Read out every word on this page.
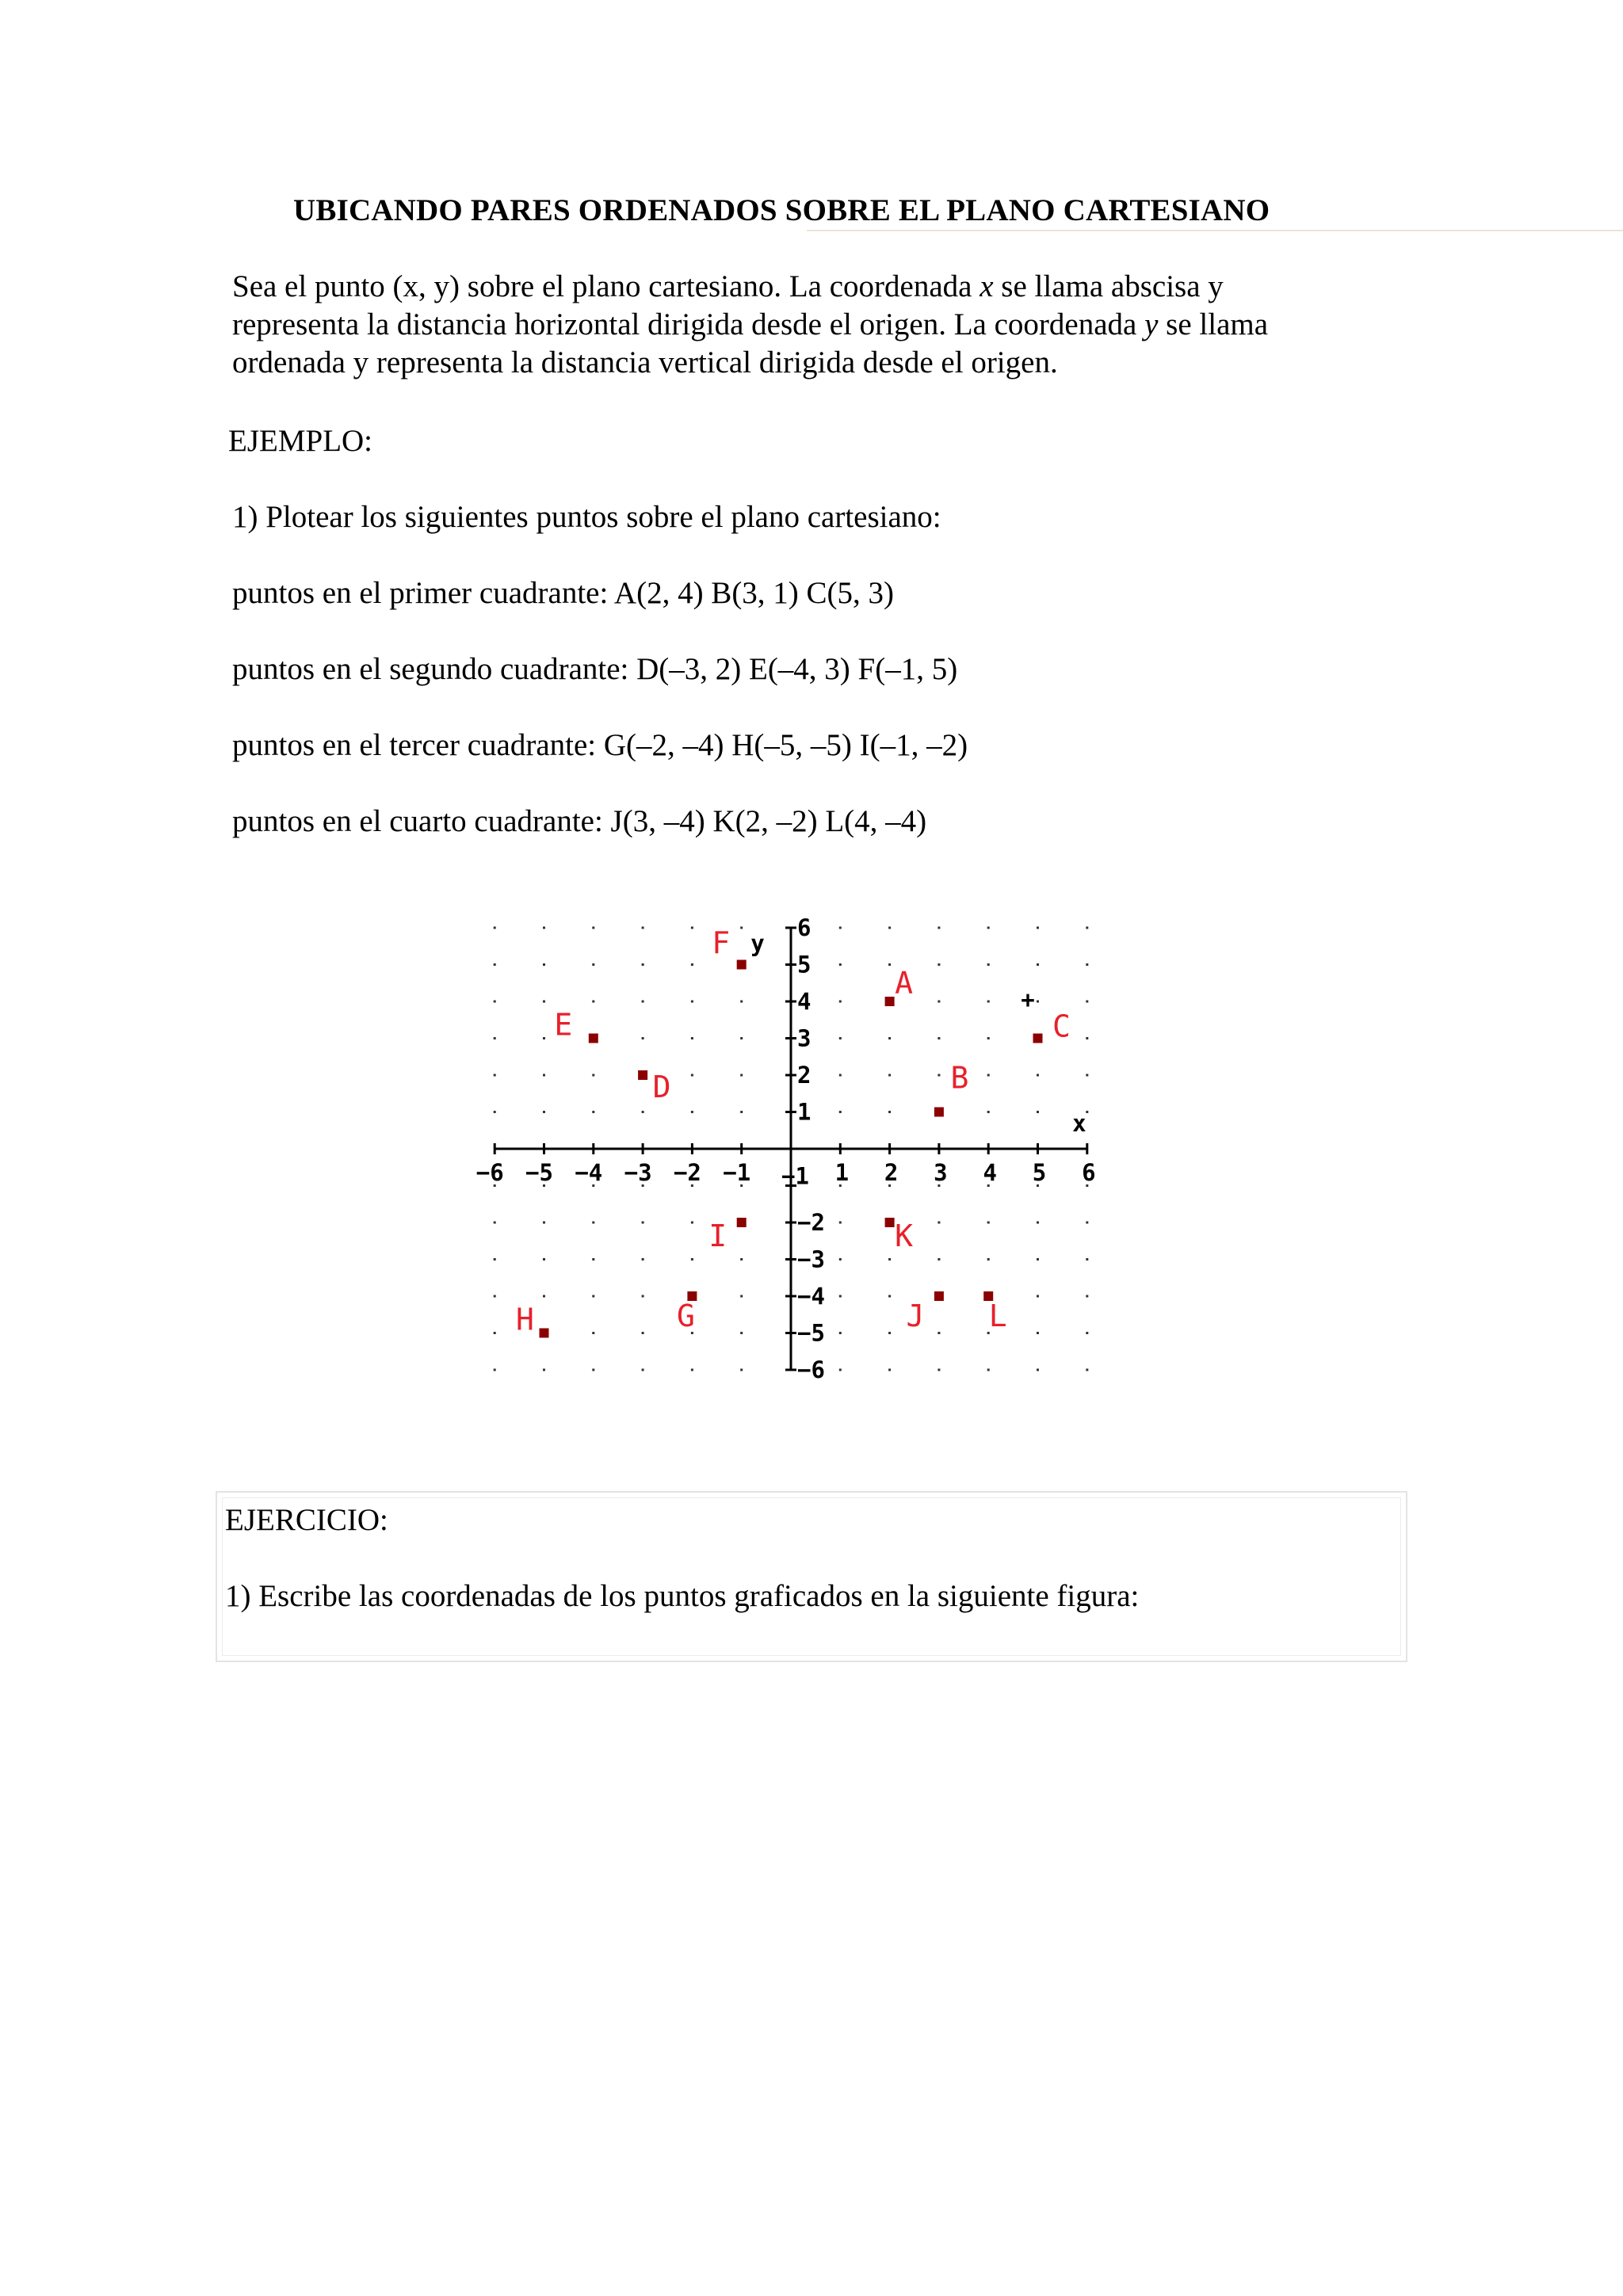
UBICANDO PARES ORDENADOS SOBRE EL PLANO CARTESIANO

Sea el punto (x, y) sobre el plano cartesiano. La coordenada x se llama abscisa y

representa la distancia horizontal dirigida desde el origen. La coordenada y se llama

ordenada y representa la distancia vertical dirigida desde el origen.

EJEMPLO:
1) Plotear los siguientes puntos sobre el plano cartesiano:
puntos en el primer cuadrante: A(2, 4) B(3, 1) C(5, 3)
puntos en el segundo cuadrante: D(–3, 2) E(–4, 3) F(–1, 5)
puntos en el tercer cuadrante: G(–2, –4) H(–5, –5) I(–1, –2)
puntos en el cuarto cuadrante: J(3, –4) K(2, –2) L(4, –4)
−6 −5 −4 −3 −2 −1	1 2 3 4 5 6
6
5
4
3
2
1
−1
−2
−3
−4
−5
−6
x
y
+
A
B
C
D
E
F
G
H
I
J
K
L
EJERCICIO:
1) Escribe las coordenadas de los puntos graficados en la siguiente figura:
